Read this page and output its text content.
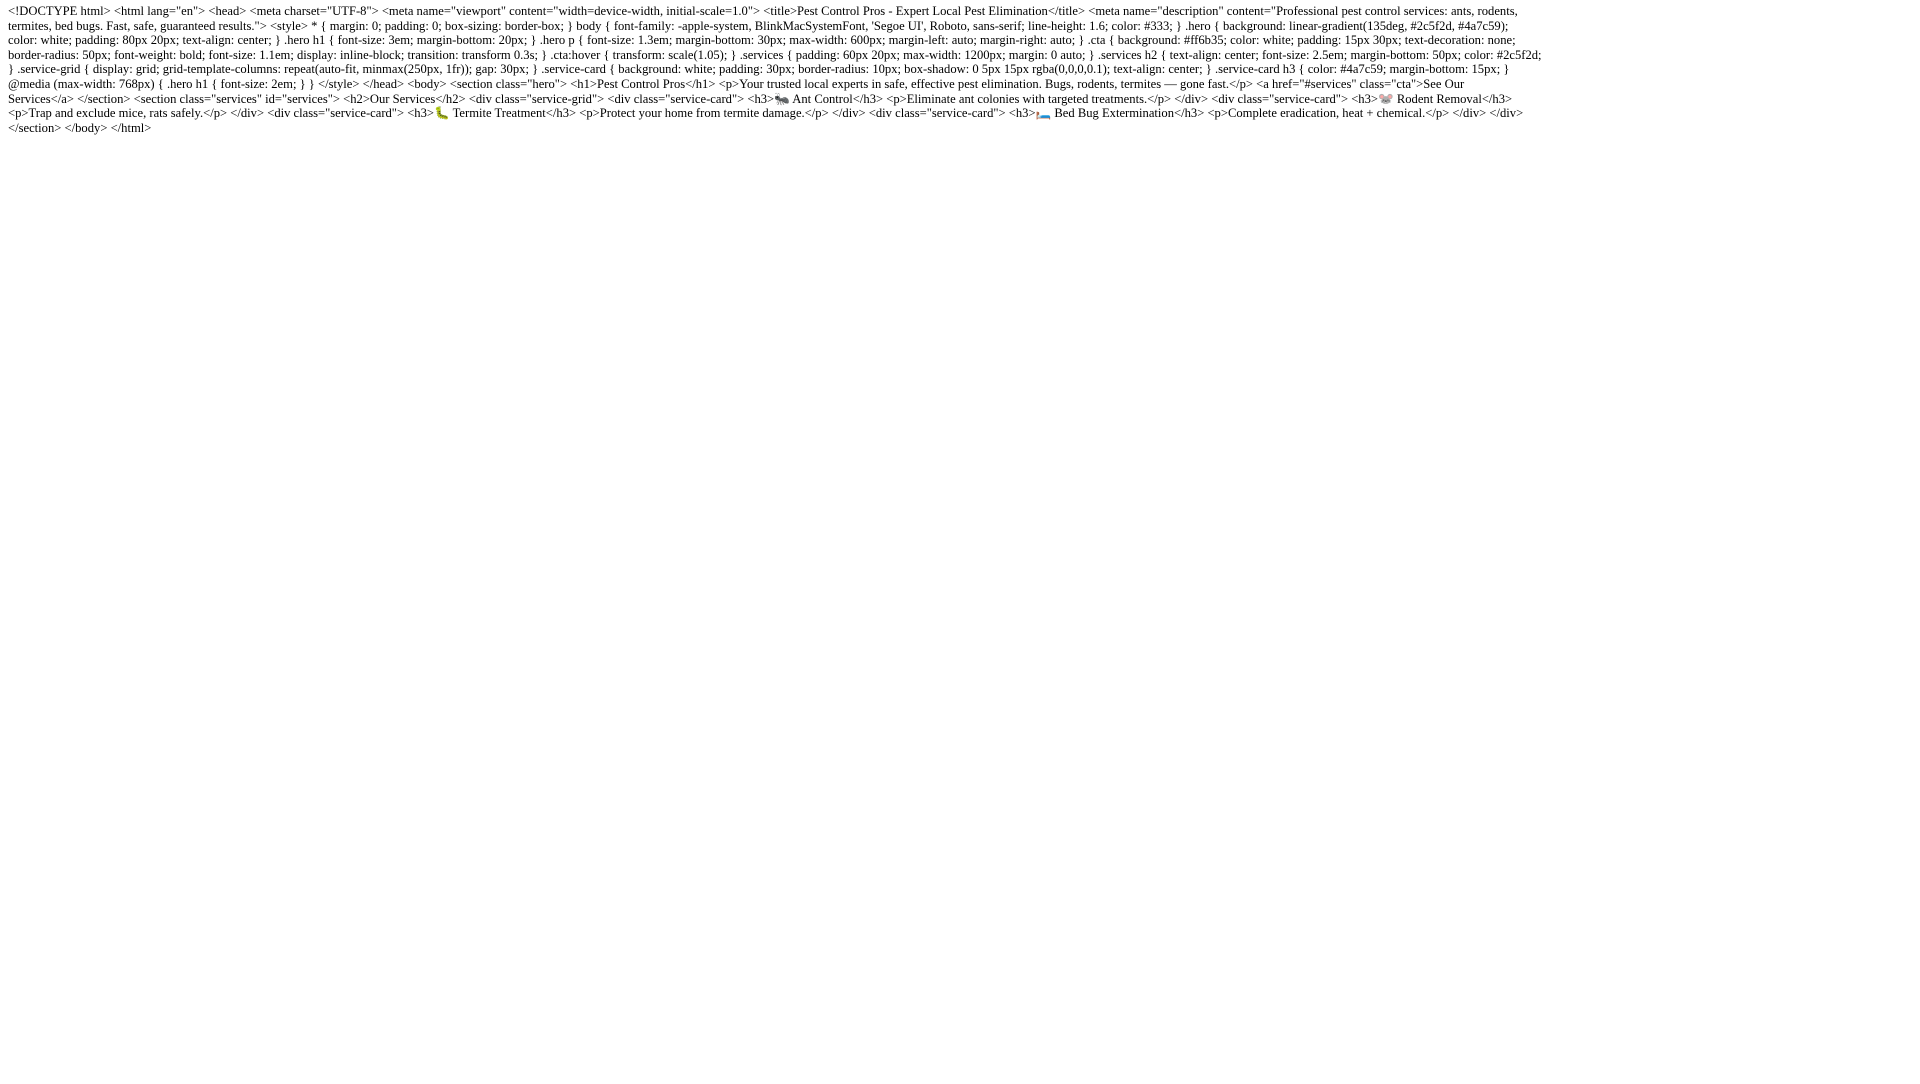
<!DOCTYPE html> <html lang="en"> <head> <meta charset="UTF-8"> <meta name="viewport" content="width=device-width, initial-scale=1.0"> <title>Pest Control Pros - Expert Local Pest Elimination</title> <meta name="description" content="Professional pest control services: ants, rodents,
termites, bed bugs. Fast, safe, guaranteed results."> <style> * { margin: 0; padding: 0; box-sizing: border-box; } body { font-family: -apple-system, BlinkMacSystemFont, 'Segoe UI', Roboto, sans-serif; line-height: 1.6; color: #333; } .hero { background: linear-gradient(135deg, #2c5f2d, #4a7c59);
color: white; padding: 80px 20px; text-align: center; } .hero h1 { font-size: 3em; margin-bottom: 20px; } .hero p { font-size: 1.3em; margin-bottom: 30px; max-width: 600px; margin-left: auto; margin-right: auto; } .cta { background: #ff6b35; color: white; padding: 15px 30px; text-decoration: none;
border-radius: 50px; font-weight: bold; font-size: 1.1em; display: inline-block; transition: transform 0.3s; } .cta:hover { transform: scale(1.05); } .services { padding: 60px 20px; max-width: 1200px; margin: 0 auto; } .services h2 { text-align: center; font-size: 2.5em; margin-bottom: 50px; color: #2c5f2d;
} .service-grid { display: grid; grid-template-columns: repeat(auto-fit, minmax(250px, 1fr)); gap: 30px; } .service-card { background: white; padding: 30px; border-radius: 10px; box-shadow: 0 5px 15px rgba(0,0,0,0.1); text-align: center; } .service-card h3 { color: #4a7c59; margin-bottom: 15px; }
@media (max-width: 768px) { .hero h1 { font-size: 2em; } } </style> </head> <body> <section class="hero"> <h1>Pest Control Pros</h1> <p>Your trusted local experts in safe, effective pest elimination. Bugs, rodents, termites — gone fast.</p> <a href="#services" class="cta">See Our
Services</a> </section> <section class="services" id="services"> <h2>Our Services</h2> <div class="service-grid"> <div class="service-card"> <h3>🐜 Ant Control</h3> <p>Eliminate ant colonies with targeted treatments.</p> </div> <div class="service-card"> <h3>🐭 Rodent Removal</h3>
<p>Trap and exclude mice, rats safely.</p> </div> <div class="service-card"> <h3>🐛 Termite Treatment</h3> <p>Protect your home from termite damage.</p> </div> <div class="service-card"> <h3>🛏️ Bed Bug Extermination</h3> <p>Complete eradication, heat + chemical.</p> </div> </div>
</section> </body> </html>
